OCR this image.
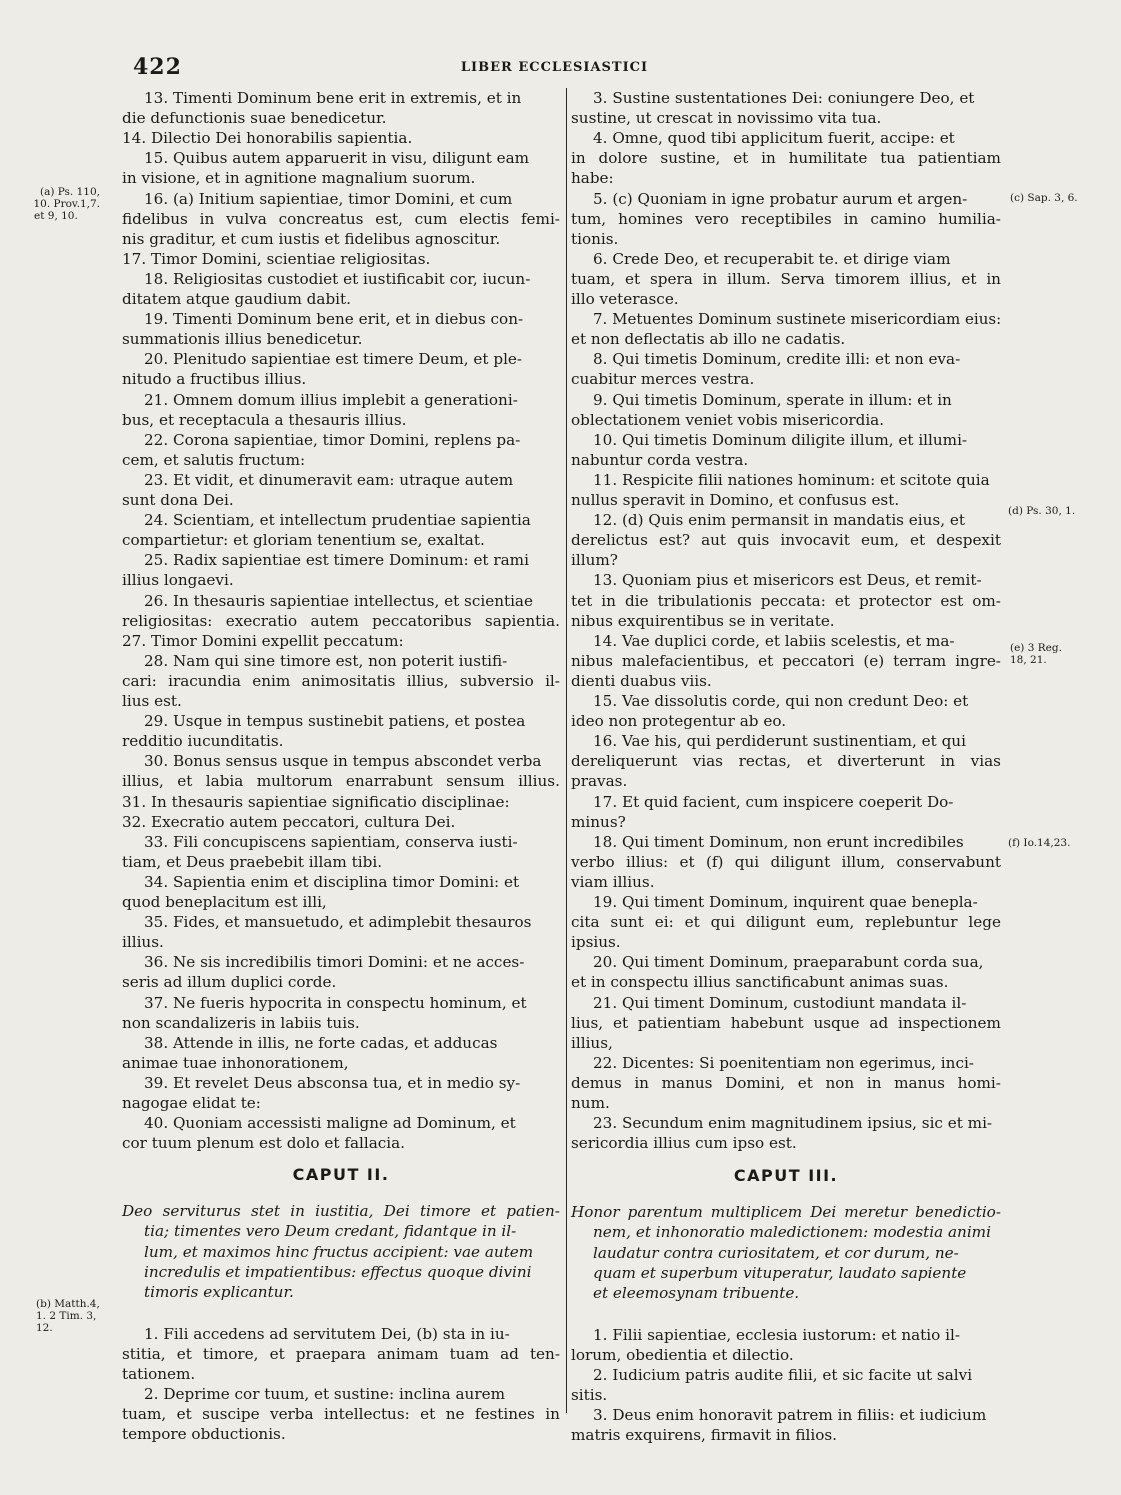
422	LIBER ECCLESIASTICI
13. Timenti Dominum bene erit in extremis, et in
die defunctionis suae benedicetur.
14. Dilectio Dei honorabilis sapientia.
15. Quibus autem apparuerit in visu, diligunt eam
in visione, et in agnitione magnalium suorum.
16. (a) Initium sapientiae, timor Domini, et cum
fidelibus in vulva concreatus est, cum electis femi-
nis graditur, et cum iustis et fidelibus agnoscitur.
17. Timor Domini, scientiae religiositas.
18. Religiositas custodiet et iustificabit cor, iucun-
ditatem atque gaudium dabit.
19. Timenti Dominum bene erit, et in diebus con-
summationis illius benedicetur.
20. Plenitudo sapientiae est timere Deum, et ple-
nitudo a fructibus illius.
21. Omnem domum illius implebit a generationi-
bus, et receptacula a thesauris illius.
22. Corona sapientiae, timor Domini, replens pa-
cem, et salutis fructum:
23. Et vidit, et dinumeravit eam: utraque autem
sunt dona Dei.
24. Scientiam, et intellectum prudentiae sapientia
compartietur: et gloriam tenentium se, exaltat.
25. Radix sapientiae est timere Dominum: et rami
illius longaevi.
26. In thesauris sapientiae intellectus, et scientiae
religiositas: execratio autem peccatoribus sapientia.
27. Timor Domini expellit peccatum:
28. Nam qui sine timore est, non poterit iustifi-
cari: iracundia enim animositatis illius, subversio il-
lius est.
29. Usque in tempus sustinebit patiens, et postea
redditio iucunditatis.
30. Bonus sensus usque in tempus abscondet verba
illius, et labia multorum enarrabunt sensum illius.
31. In thesauris sapientiae significatio disciplinae:
32. Execratio autem peccatori, cultura Dei.
33. Fili concupiscens sapientiam, conserva iusti-
tiam, et Deus praebebit illam tibi.
34. Sapientia enim et disciplina timor Domini: et
quod beneplacitum est illi,
35. Fides, et mansuetudo, et adimplebit thesauros
illius.
36. Ne sis incredibilis timori Domini: et ne acces-
seris ad illum duplici corde.
37. Ne fueris hypocrita in conspectu hominum, et
non scandalizeris in labiis tuis.
38. Attende in illis, ne forte cadas, et adducas
animae tuae inhonorationem,
39. Et revelet Deus absconsa tua, et in medio sy-
nagogae elidat te:
40. Quoniam accessisti maligne ad Dominum, et
cor tuum plenum est dolo et fallacia.
CAPUT II.
Deo serviturus stet in iustitia, Dei timore et patien-
tia; timentes vero Deum credant, fidantque in il-
lum, et maximos hinc fructus accipient: vae autem
incredulis et impatientibus: effectus quoque divini
timoris explicantur.
1. Fili accedens ad servitutem Dei, (b) sta in iu-
stitia, et timore, et praepara animam tuam ad ten-
tationem.
2. Deprime cor tuum, et sustine: inclina aurem
tuam, et suscipe verba intellectus: et ne festines in
tempore obductionis.
3. Sustine sustentationes Dei: coniungere Deo, et
sustine, ut crescat in novissimo vita tua.
4. Omne, quod tibi applicitum fuerit, accipe: et
in dolore sustine, et in humilitate tua patientiam
habe:
5. (c) Quoniam in igne probatur aurum et argen-
tum, homines vero receptibiles in camino humilia-
tionis.
6. Crede Deo, et recuperabit te. et dirige viam
tuam, et spera in illum. Serva timorem illius, et in
illo veterasce.
7. Metuentes Dominum sustinete misericordiam eius:
et non deflectatis ab illo ne cadatis.
8. Qui timetis Dominum, credite illi: et non eva-
cuabitur merces vestra.
9. Qui timetis Dominum, sperate in illum: et in
oblectationem veniet vobis misericordia.
10. Qui timetis Dominum diligite illum, et illumi-
nabuntur corda vestra.
11. Respicite filii nationes hominum: et scitote quia
nullus speravit in Domino, et confusus est.
12. (d) Quis enim permansit in mandatis eius, et
derelictus est? aut quis invocavit eum, et despexit
illum?
13. Quoniam pius et misericors est Deus, et remit-
tet in die tribulationis peccata: et protector est om-
nibus exquirentibus se in veritate.
14. Vae duplici corde, et labiis scelestis, et ma-
nibus malefacientibus, et peccatori (e) terram ingre-
dienti duabus viis.
15. Vae dissolutis corde, qui non credunt Deo: et
ideo non protegentur ab eo.
16. Vae his, qui perdiderunt sustinentiam, et qui
dereliquerunt vias rectas, et diverterunt in vias
pravas.
17. Et quid facient, cum inspicere coeperit Do-
minus?
18. Qui timent Dominum, non erunt incredibiles
verbo illius: et (f) qui diligunt illum, conservabunt
viam illius.
19. Qui timent Dominum, inquirent quae benepla-
cita sunt ei: et qui diligunt eum, replebuntur lege
ipsius.
20. Qui timent Dominum, praeparabunt corda sua,
et in conspectu illius sanctificabunt animas suas.
21. Qui timent Dominum, custodiunt mandata il-
lius, et patientiam habebunt usque ad inspectionem
illius,
22. Dicentes: Si poenitentiam non egerimus, inci-
demus in manus Domini, et non in manus homi-
num.
23. Secundum enim magnitudinem ipsius, sic et mi-
sericordia illius cum ipso est.
CAPUT III.
Honor parentum multiplicem Dei meretur benedictio-
nem, et inhonoratio maledictionem: modestia animi
laudatur contra curiositatem, et cor durum, ne-
quam et superbum vituperatur, laudato sapiente
et eleemosynam tribuente.
1. Filii sapientiae, ecclesia iustorum: et natio il-
lorum, obedientia et dilectio.
2. Iudicium patris audite filii, et sic facite ut salvi
sitis.
3. Deus enim honoravit patrem in filiis: et iudicium
matris exquirens, firmavit in filios.
(a) Ps. 110,
10. Prov.1,7.
et 9, 10.
(b) Matth.4,
1. 2 Tim. 3,
12.
(c) Sap. 3, 6.
(d) Ps. 30, 1.
(e) 3 Reg.
18, 21.
(f) Io.14,23.
